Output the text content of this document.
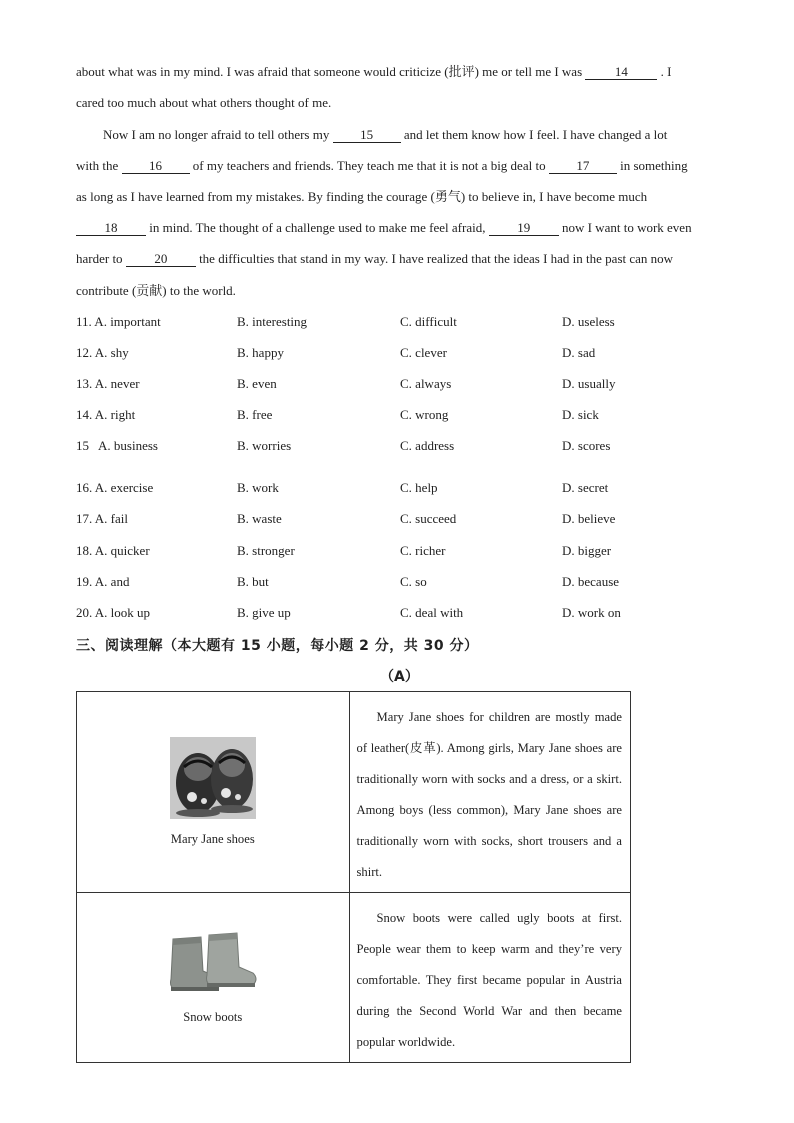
about what was in my mind. I was afraid that someone would criticize (批评) me or tell me I was	14	. I
cared too much about what others thought of me.
Now I am no longer afraid to tell others my 15 and let them know how I feel. I have changed a lot
with the 16 of my teachers and friends. They teach me that it is not a big deal to 17 in something
as long as I have learned from my mistakes. By finding the courage (勇气) to believe in, I have become much
18 in mind. The thought of a challenge used to make me feel afraid, 19 now I want to work even
harder to 20 the difficulties that stand in my way. I have realized that the ideas I had in the past can now
contribute (贡献) to the world.
11. A. important	B. interesting	C. difficult	D. useless
12. A. shy	B. happy	C. clever	D. sad
13. A. never	B. even	C. always	D. usually
14. A. right	B. free	C. wrong	D. sick
15   A. business	B. worries	C. address	D. scores
16. A. exercise	B. work	C. help	D. secret
17. A. fail	B. waste	C. succeed	D. believe
18. A. quicker	B. stronger	C. richer	D. bigger
19. A. and	B. but	C. so	D. because
20. A. look up	B. give up	C. deal with	D. work on
三、阅读理解（本大题有 15 小题，每小题 2 分，共 30 分）
（A）
Mary Jane shoes	Mary Jane shoes for children are mostly made of leather(皮革). Among girls, Mary Jane shoes are traditionally worn with socks and a dress, or a skirt. Among boys (less common), Mary Jane shoes are traditionally worn with socks, short trousers and a shirt.

Snow boots	Snow boots were called ugly boots at first. People wear them to keep warm and they’re very comfortable. They first became popular in Austria during the Second World War and then became popular worldwide.
